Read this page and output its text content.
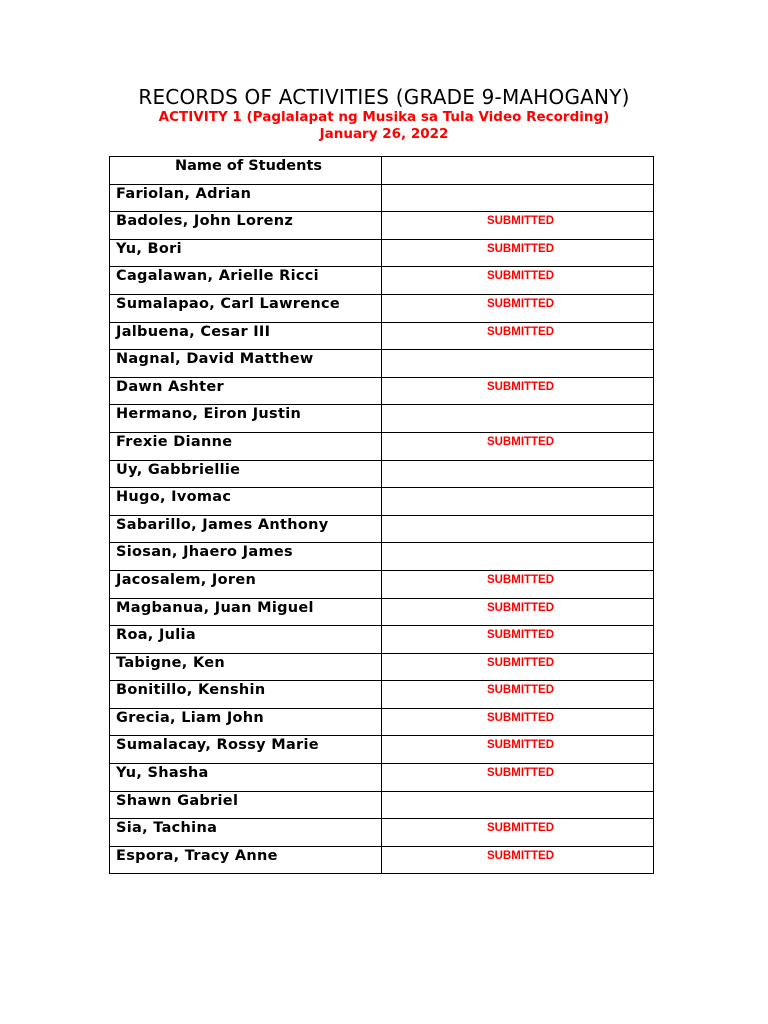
RECORDS OF ACTIVITIES (GRADE 9-MAHOGANY)
ACTIVITY 1 (Paglalapat ng Musika sa Tula Video Recording)
January 26, 2022
Name of Students	
Fariolan, Adrian	
Badoles, John Lorenz	SUBMITTED
Yu, Bori	SUBMITTED
Cagalawan, Arielle Ricci	SUBMITTED
Sumalapao, Carl Lawrence	SUBMITTED
Jalbuena, Cesar III	SUBMITTED
Nagnal, David Matthew	
Dawn Ashter	SUBMITTED
Hermano, Eiron Justin	
Frexie Dianne	SUBMITTED
Uy, Gabbriellie	
Hugo, Ivomac	
Sabarillo, James Anthony	
Siosan, Jhaero James	
Jacosalem, Joren	SUBMITTED
Magbanua, Juan Miguel	SUBMITTED
Roa, Julia	SUBMITTED
Tabigne, Ken	SUBMITTED
Bonitillo, Kenshin	SUBMITTED
Grecia, Liam John	SUBMITTED
Sumalacay, Rossy Marie	SUBMITTED
Yu, Shasha	SUBMITTED
Shawn Gabriel	
Sia, Tachina	SUBMITTED
Espora, Tracy Anne	SUBMITTED
